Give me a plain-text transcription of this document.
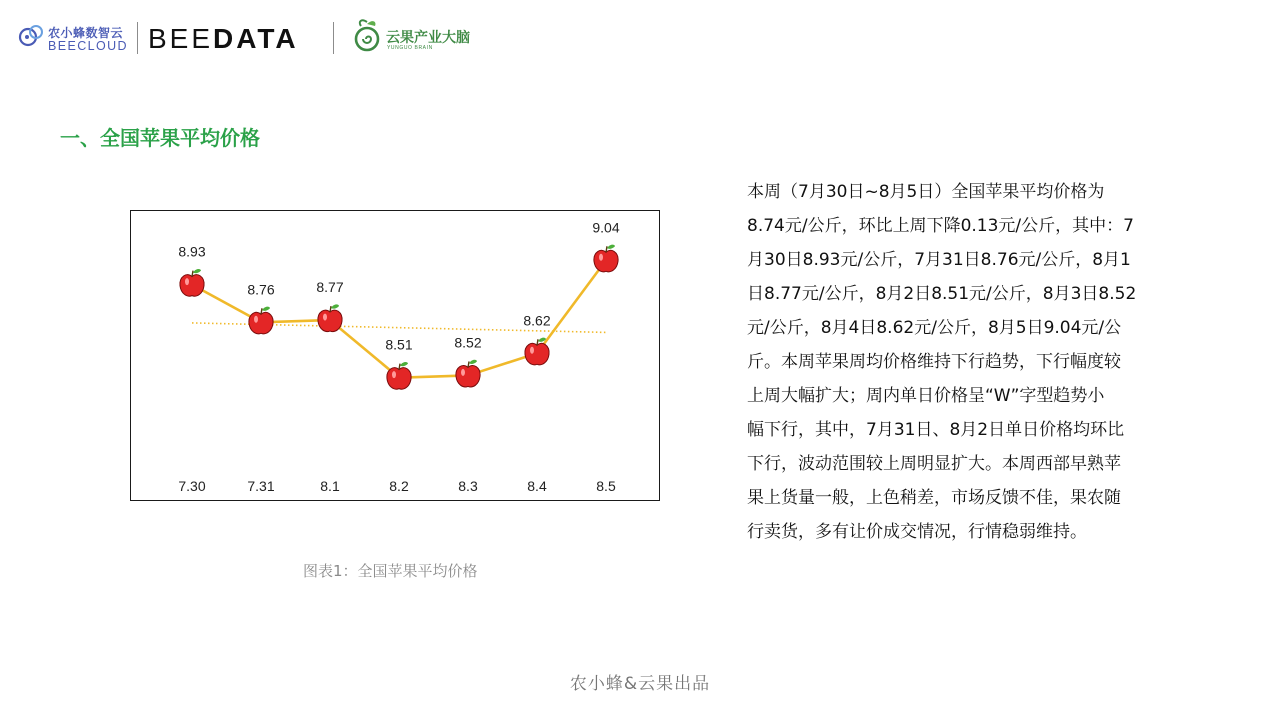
农小蜂数智云
BEECLOUD BEEDATA	云果产业大脑
YUNGUO BRAIN
一、全国苹果平均价格
8.93
7.30
8.76
7.31
8.77
8.1
8.51
8.2
8.52
8.3
8.62
8.4
9.04
8.5
图表1：全国苹果平均价格
本周（7月30日~8月5日）全国苹果平均价格为
8.74元/公斤，环比上周下降0.13元/公斤，其中：7
月30日8.93元/公斤，7月31日8.76元/公斤，8月1
日8.77元/公斤，8月2日8.51元/公斤，8月3日8.52
元/公斤，8月4日8.62元/公斤，8月5日9.04元/公
斤。本周苹果周均价格维持下行趋势，下行幅度较
上周大幅扩大；周内单日价格呈“W”字型趋势小
幅下行，其中，7月31日、8月2日单日价格均环比
下行，波动范围较上周明显扩大。本周西部早熟苹
果上货量一般，上色稍差，市场反馈不佳，果农随
行卖货，多有让价成交情况，行情稳弱维持。
农小蜂&云果出品
